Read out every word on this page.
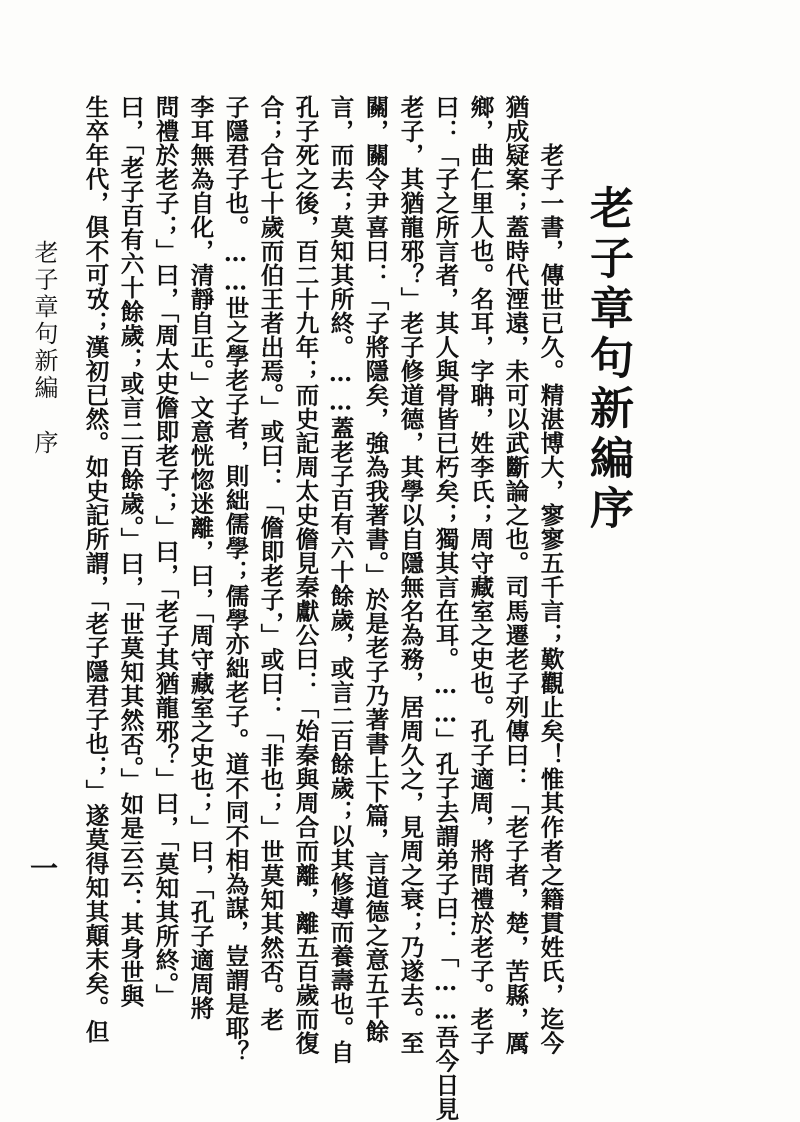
老子章句新編序
老子一書，傳世已久。精湛博大，寥寥五千言；歎觀止矣！惟其作者之籍貫姓氏，迄今
猶成疑案；蓋時代湮遠，未可以武斷論之也。司馬遷老子列傳曰：「老子者，楚，苦縣，厲
鄉，曲仁里人也。名耳，字聃，姓李氏；周守藏室之史也。孔子適周，將問禮於老子。老子
曰：「子之所言者，其人與骨皆已朽矣；獨其言在耳。……」孔子去謂弟子曰：「……吾今日見
老子，其猶龍邪？」老子修道德，其學以自隱無名為務，居周久之，見周之衰；乃遂去。至
關，關令尹喜曰：「子將隱矣，強為我著書。」於是老子乃著書上下篇，言道德之意五千餘
言，而去；莫知其所終。……蓋老子百有六十餘歲，或言二百餘歲；以其修導而養壽也。自
孔子死之後，百二十九年；而史記周太史儋見秦獻公曰：「始秦與周合而離，離五百歲而復
合；合七十歲而伯王者出焉。」或曰：「儋即老子，」或曰：「非也；」世莫知其然否。老
子隱君子也。……世之學老子者，則絀儒學；儒學亦絀老子。道不同不相為謀，豈謂是耶？
李耳無為自化，清靜自正。」文意恍惚迷離，曰，「周守藏室之史也；」曰，「孔子適周將
問禮於老子；」曰，「周太史儋即老子；」曰，「老子其猶龍邪？」曰，「莫知其所終。」
曰，「老子百有六十餘歲；或言二百餘歲。」曰，「世莫知其然否。」如是云云：其身世與
生卒年代，俱不可攷；漢初已然。如史記所謂，「老子隱君子也；」遂莫得知其顛末矣。但
老子章句新編
序
一
